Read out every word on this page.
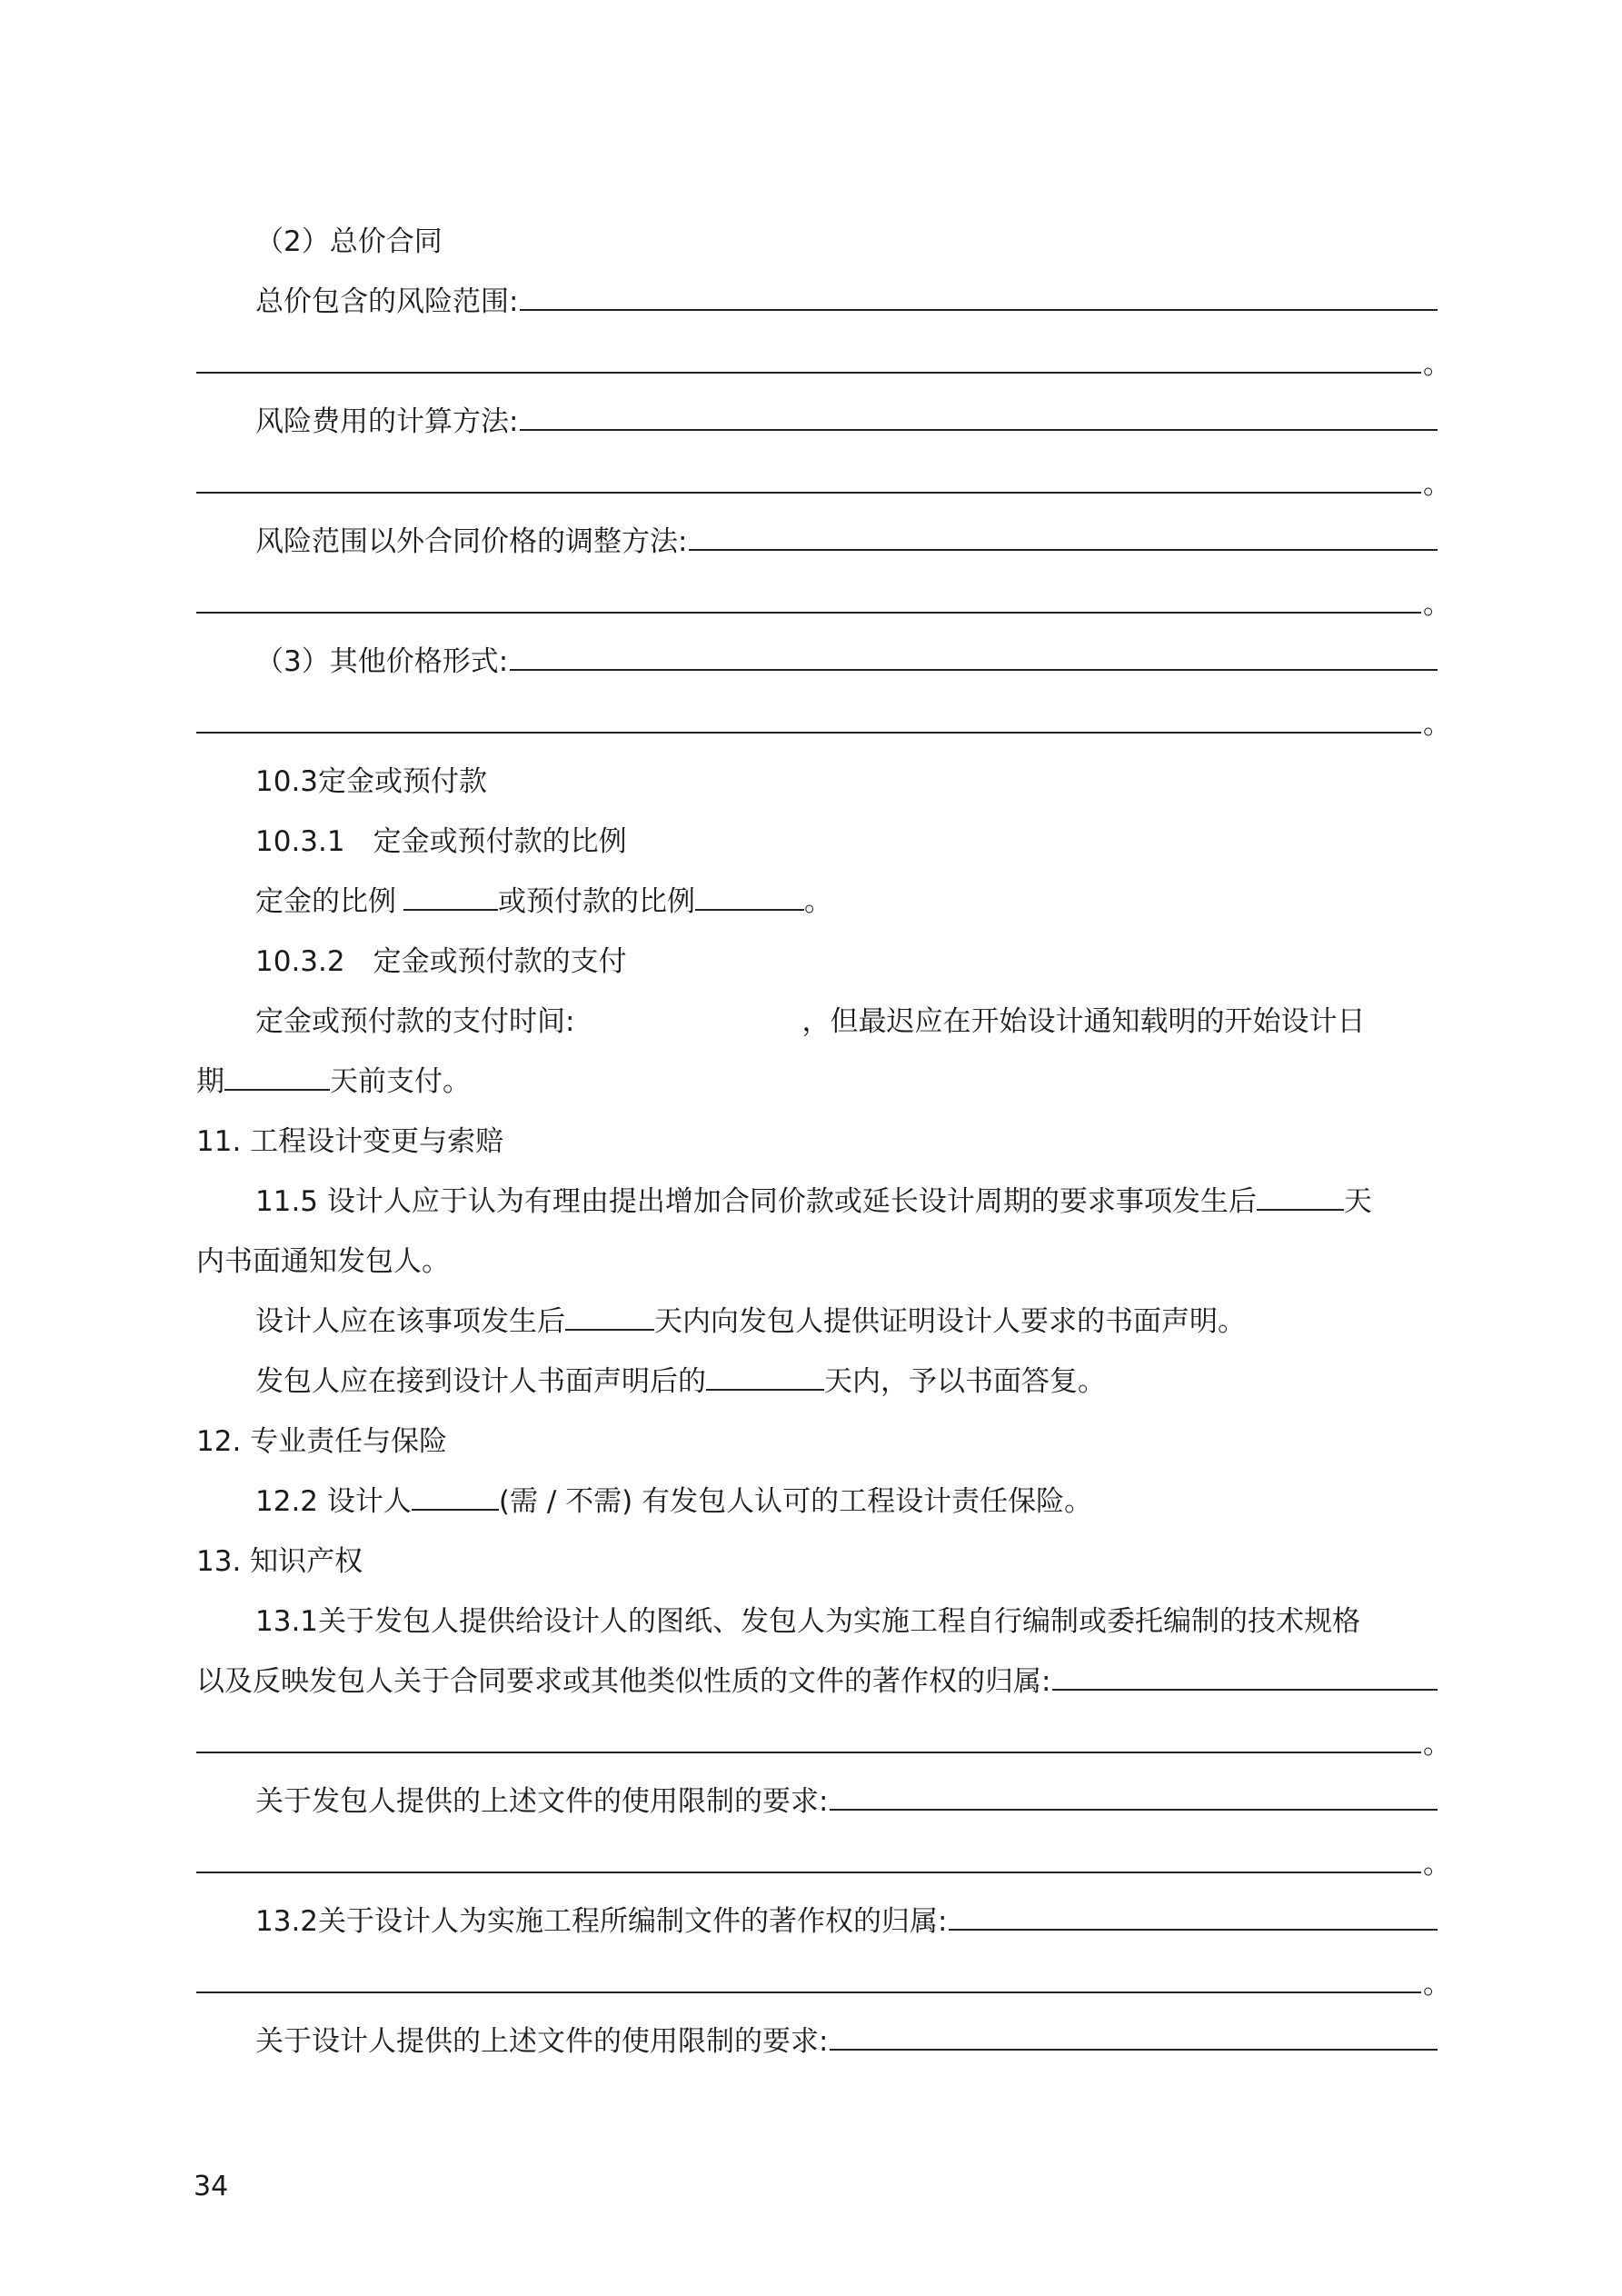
（2）总价合同
总价包含的风险范围:
。
风险费用的计算方法:
。
风险范围以外合同价格的调整方法:
。
（3）其他价格形式:
。
10.3定金或预付款
10.3.1　定金或预付款的比例
定金的比例	或预付款的比例	。
10.3.2　定金或预付款的支付
定金或预付款的支付时间:	，但最迟应在开始设计通知载明的开始设计日
期	天前支付。
11. 工程设计变更与索赔
11.5 设计人应于认为有理由提出增加合同价款或延长设计周期的要求事项发生后	天
内书面通知发包人。
设计人应在该事项发生后	天内向发包人提供证明设计人要求的书面声明。
发包人应在接到设计人书面声明后的	天内，予以书面答复。
12. 专业责任与保险
12.2 设计人	(需 / 不需) 有发包人认可的工程设计责任保险。
13. 知识产权
13.1关于发包人提供给设计人的图纸、发包人为实施工程自行编制或委托编制的技术规格
以及反映发包人关于合同要求或其他类似性质的文件的著作权的归属:
。
关于发包人提供的上述文件的使用限制的要求:
。
13.2关于设计人为实施工程所编制文件的著作权的归属:
。
关于设计人提供的上述文件的使用限制的要求:
34
